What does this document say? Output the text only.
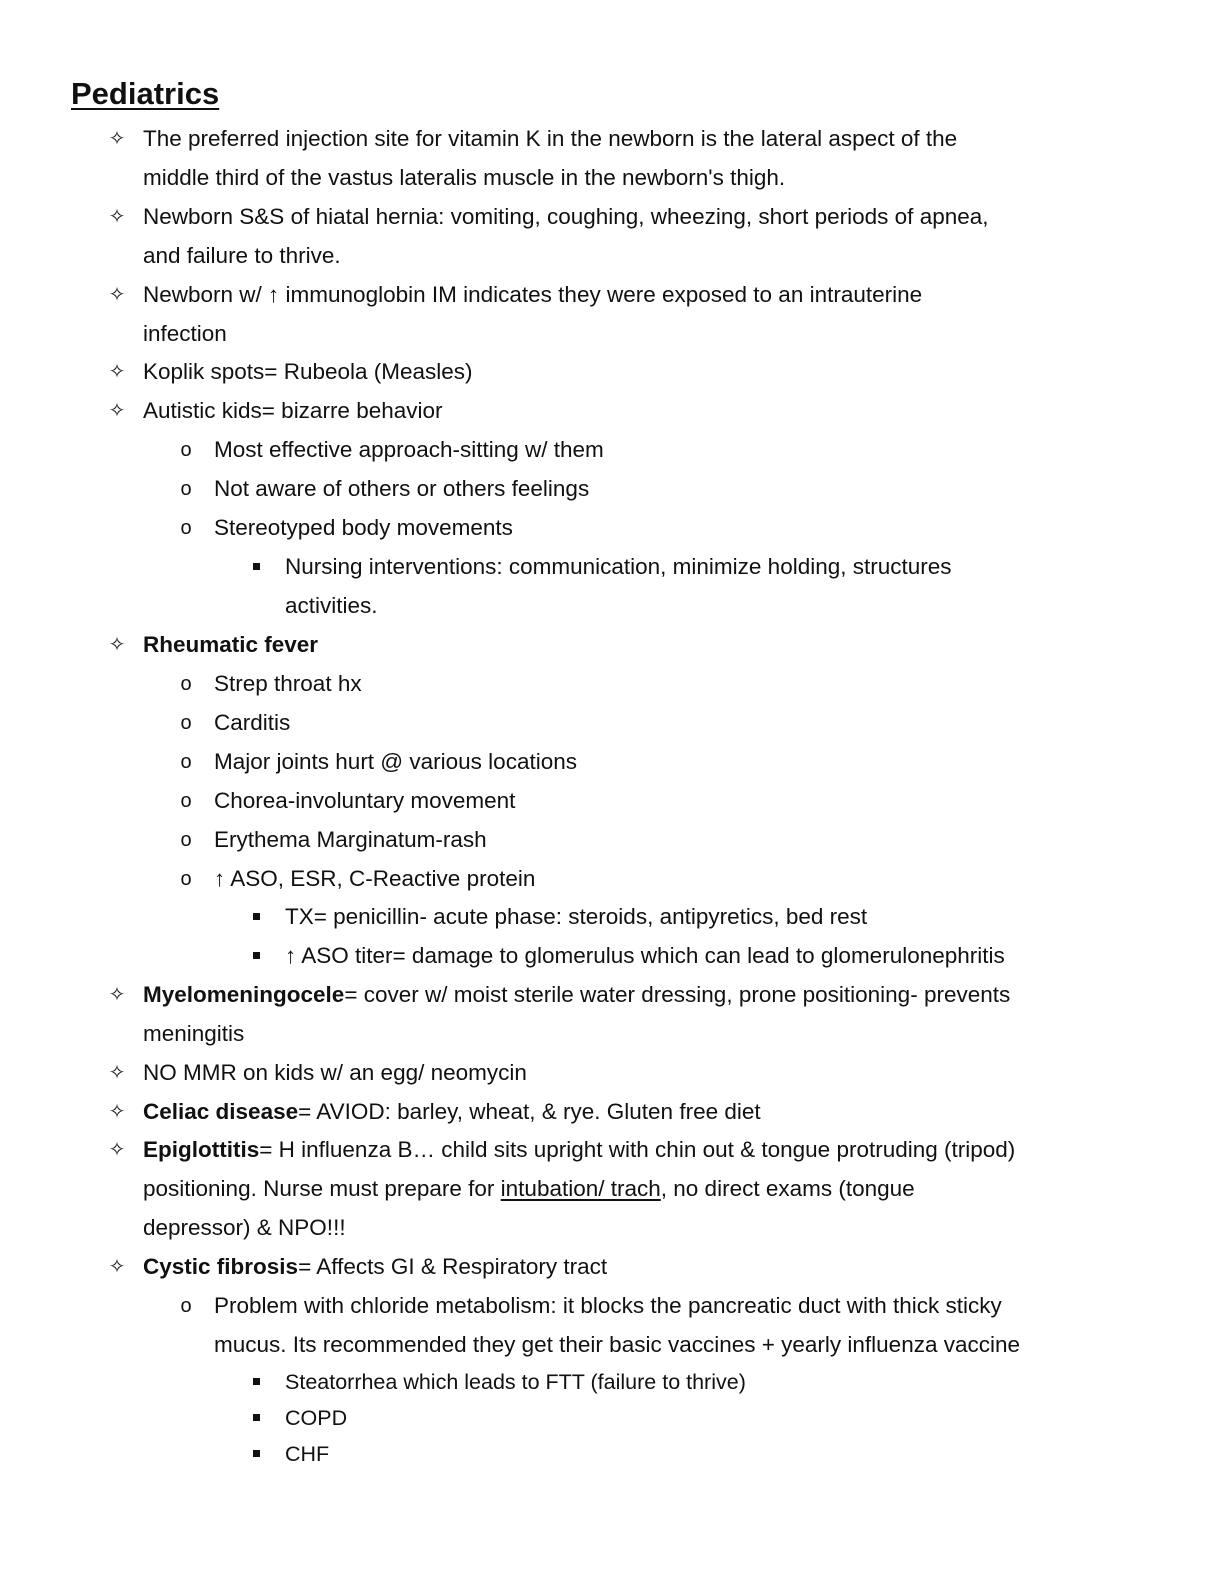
Pediatrics
✧ The preferred injection site for vitamin K in the newborn is the lateral aspect of the
middle third of the vastus lateralis muscle in the newborn's thigh.
✧ Newborn S&S of hiatal hernia: vomiting, coughing, wheezing, short periods of apnea,
and failure to thrive.
✧ Newborn w/ ↑ immunoglobin IM indicates they were exposed to an intrauterine
infection
✧ Koplik spots= Rubeola (Measles)
✧ Autistic kids= bizarre behavior
o Most effective approach-sitting w/ them
o Not aware of others or others feelings
o Stereotyped body movements
Nursing interventions: communication, minimize holding, structures
activities.
✧ Rheumatic fever
o Strep throat hx
o Carditis
o Major joints hurt @ various locations
o Chorea-involuntary movement
o Erythema Marginatum-rash
o ↑ ASO, ESR, C-Reactive protein
TX= penicillin- acute phase: steroids, antipyretics, bed rest
↑ ASO titer= damage to glomerulus which can lead to glomerulonephritis
✧ Myelomeningocele= cover w/ moist sterile water dressing, prone positioning- prevents
meningitis
✧ NO MMR on kids w/ an egg/ neomycin
✧ Celiac disease= AVIOD: barley, wheat, & rye. Gluten free diet
✧ Epiglottitis= H influenza B… child sits upright with chin out & tongue protruding (tripod)
positioning. Nurse must prepare for intubation/ trach, no direct exams (tongue
depressor) & NPO!!!
✧ Cystic fibrosis= Affects GI & Respiratory tract
o Problem with chloride metabolism: it blocks the pancreatic duct with thick sticky
mucus. Its recommended they get their basic vaccines + yearly influenza vaccine
Steatorrhea which leads to FTT (failure to thrive)
COPD
CHF
